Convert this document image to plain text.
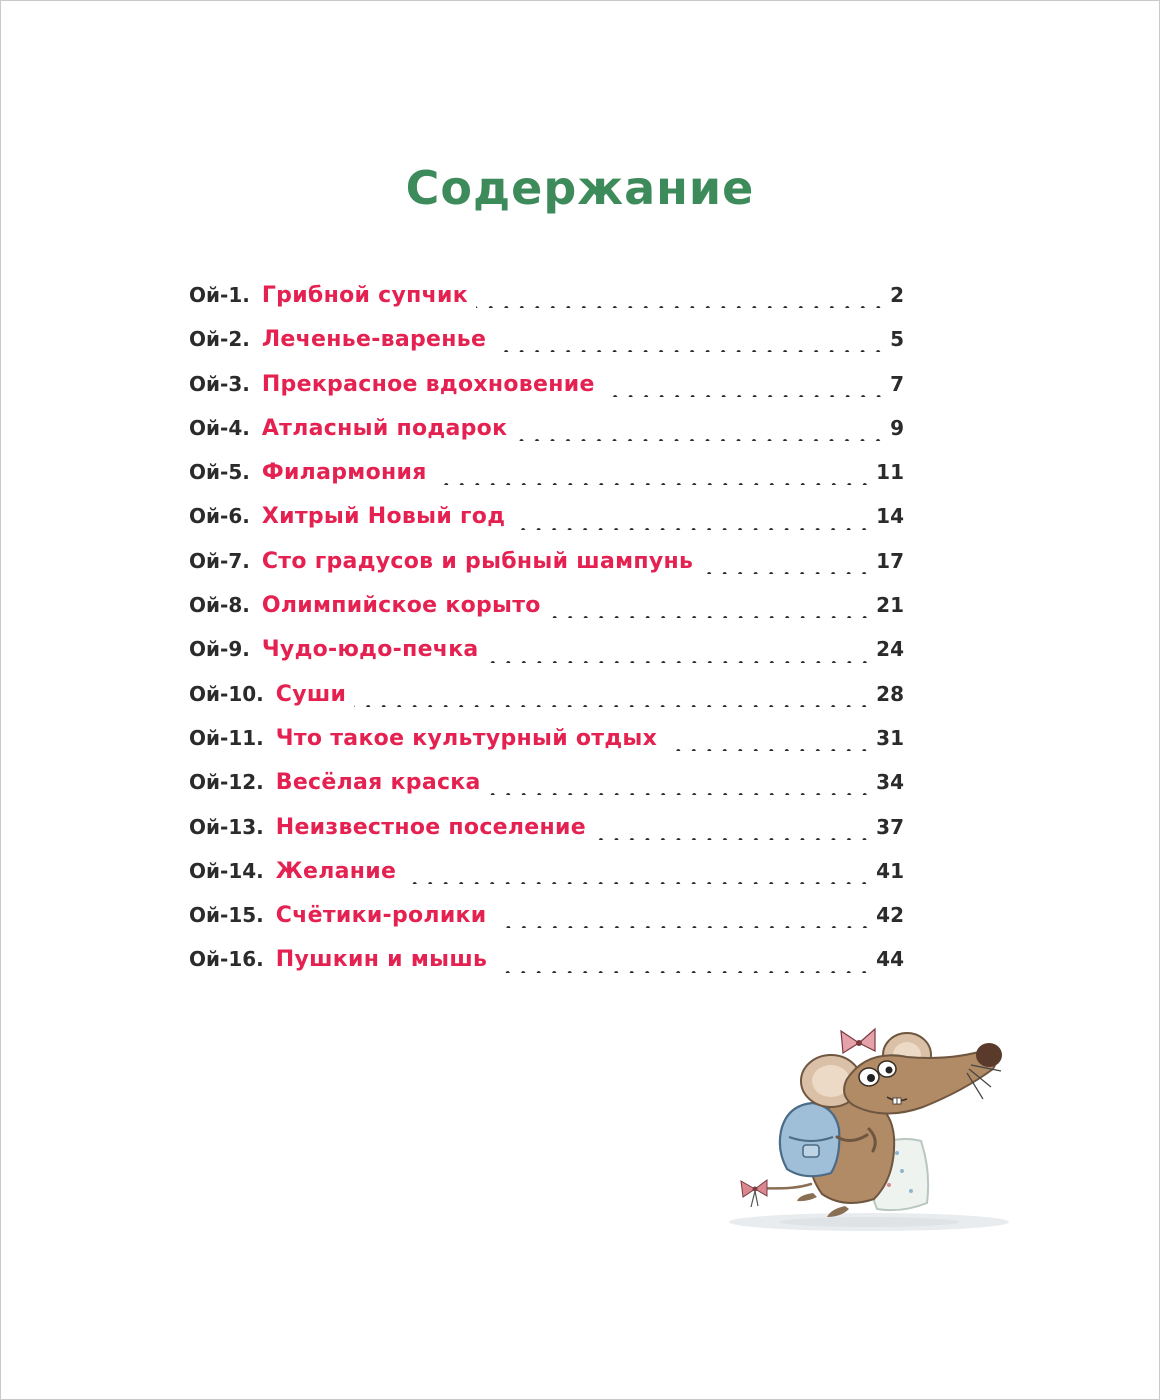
Содержание
Ой-1. Грибной супчик	2
Ой-2. Леченье-варенье	5
Ой-3. Прекрасное вдохновение	7
Ой-4. Атласный подарок	9
Ой-5. Филармония	11
Ой-6. Хитрый Новый год	14
Ой-7. Сто градусов и рыбный шампунь	17
Ой-8. Олимпийское корыто	21
Ой-9. Чудо-юдо-печка	24
Ой-10. Суши	28
Ой-11. Что такое культурный отдых	31
Ой-12. Весёлая краска	34
Ой-13. Неизвестное поселение	37
Ой-14. Желание	41
Ой-15. Счётики-ролики	42
Ой-16. Пушкин и мышь	44
